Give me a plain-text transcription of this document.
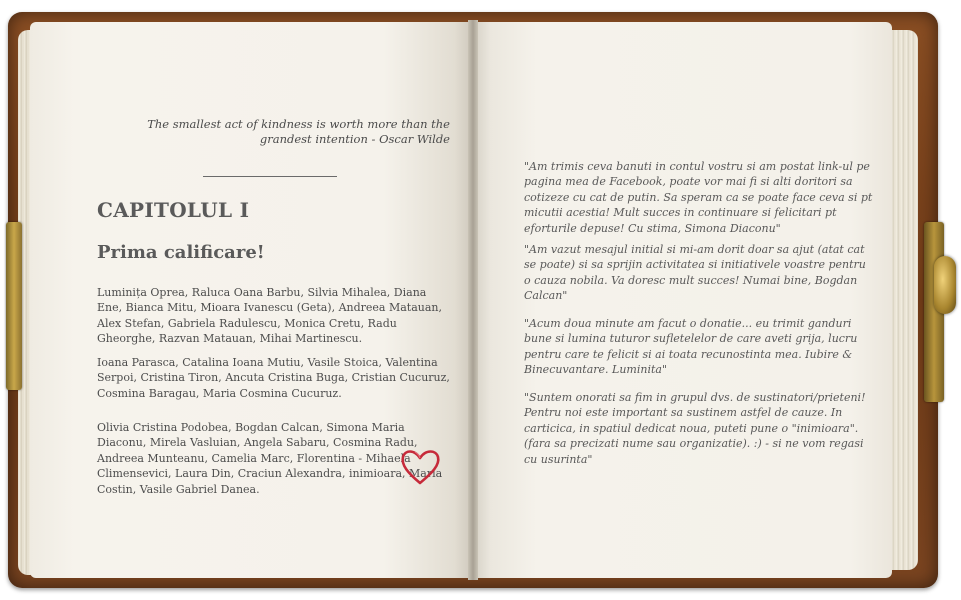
The smallest act of kindness is worth more than the grandest intention - Oscar Wilde
CAPITOLUL I
Prima calificare!
Luminița Oprea, Raluca Oana Barbu, Silvia Mihalea, Diana Ene, Bianca Mitu, Mioara Ivanescu (Geta), Andreea Matauan, Alex Stefan, Gabriela Radulescu, Monica Cretu, Radu Gheorghe, Razvan Matauan, Mihai Martinescu.
Ioana Parasca, Catalina Ioana Mutiu, Vasile Stoica, Valentina Serpoi, Cristina Tiron, Ancuta Cristina Buga, Cristian Cucuruz, Cosmina Baragau, Maria Cosmina Cucuruz.
Olivia Cristina Podobea, Bogdan Calcan, Simona Maria Diaconu, Mirela Vasluian, Angela Sabaru, Cosmina Radu, Andreea Munteanu, Camelia Marc, Florentina - Mihaela Climensevici, Laura Din, Craciun Alexandra, inimioara, Maria Costin, Vasile Gabriel Danea.
"Am trimis ceva banuti in contul vostru si am postat link-ul pe pagina mea de Facebook, poate vor mai fi si alti doritori sa cotizeze cu cat de putin. Sa speram ca se poate face ceva si pt micutii acestia! Mult succes in continuare si felicitari pt eforturile depuse! Cu stima, Simona Diaconu"
"Am vazut mesajul initial si mi-am dorit doar sa ajut (atat cat se poate) si sa sprijin activitatea si initiativele voastre pentru o cauza nobila. Va doresc mult succes! Numai bine, Bogdan Calcan"
"Acum doua minute am facut o donatie... eu trimit ganduri bune si lumina tuturor sufletelelor de care aveti grija, lucru pentru care te felicit si ai toata recunostinta mea. Iubire & Binecuvantare. Luminita"
"Suntem onorati sa fim in grupul dvs. de sustinatori/prieteni! Pentru noi este important sa sustinem astfel de cauze. In carticica, in spatiul dedicat noua, puteti pune o "inimioara". (fara sa precizati nume sau organizatie). :) - si ne vom regasi cu usurinta"
